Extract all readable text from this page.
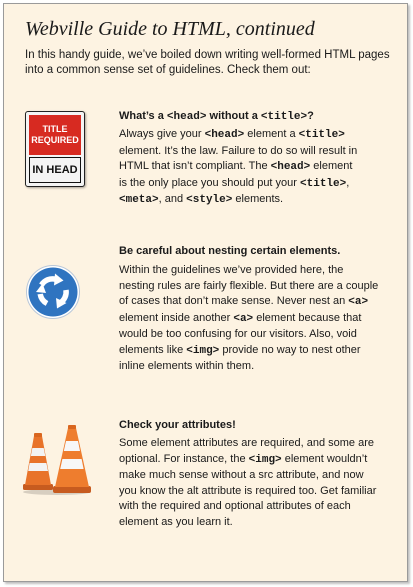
Webville Guide to HTML, continued
In this handy guide, we’ve boiled down writing well-formed HTML pages
into a common sense set of guidelines. Check them out:
TITLE
REQUIRED
IN HEAD
What’s a <head> without a <title>?
Always give your <head> element a <title>
element. It’s the law. Failure to do so will result in
HTML that isn’t compliant. The <head> element
is the only place you should put your <title>,
<meta>, and <style> elements.
Be careful about nesting certain elements.
Within the guidelines we’ve provided here, the
nesting rules are fairly flexible. But there are a couple
of cases that don’t make sense. Never nest an <a>
element inside another <a> element because that
would be too confusing for our visitors. Also, void
elements like <img> provide no way to nest other
inline elements within them.
Check your attributes!
Some element attributes are required, and some are
optional. For instance, the <img> element wouldn’t
make much sense without a src attribute, and now
you know the alt attribute is required too. Get familiar
with the required and optional attributes of each
element as you learn it.
